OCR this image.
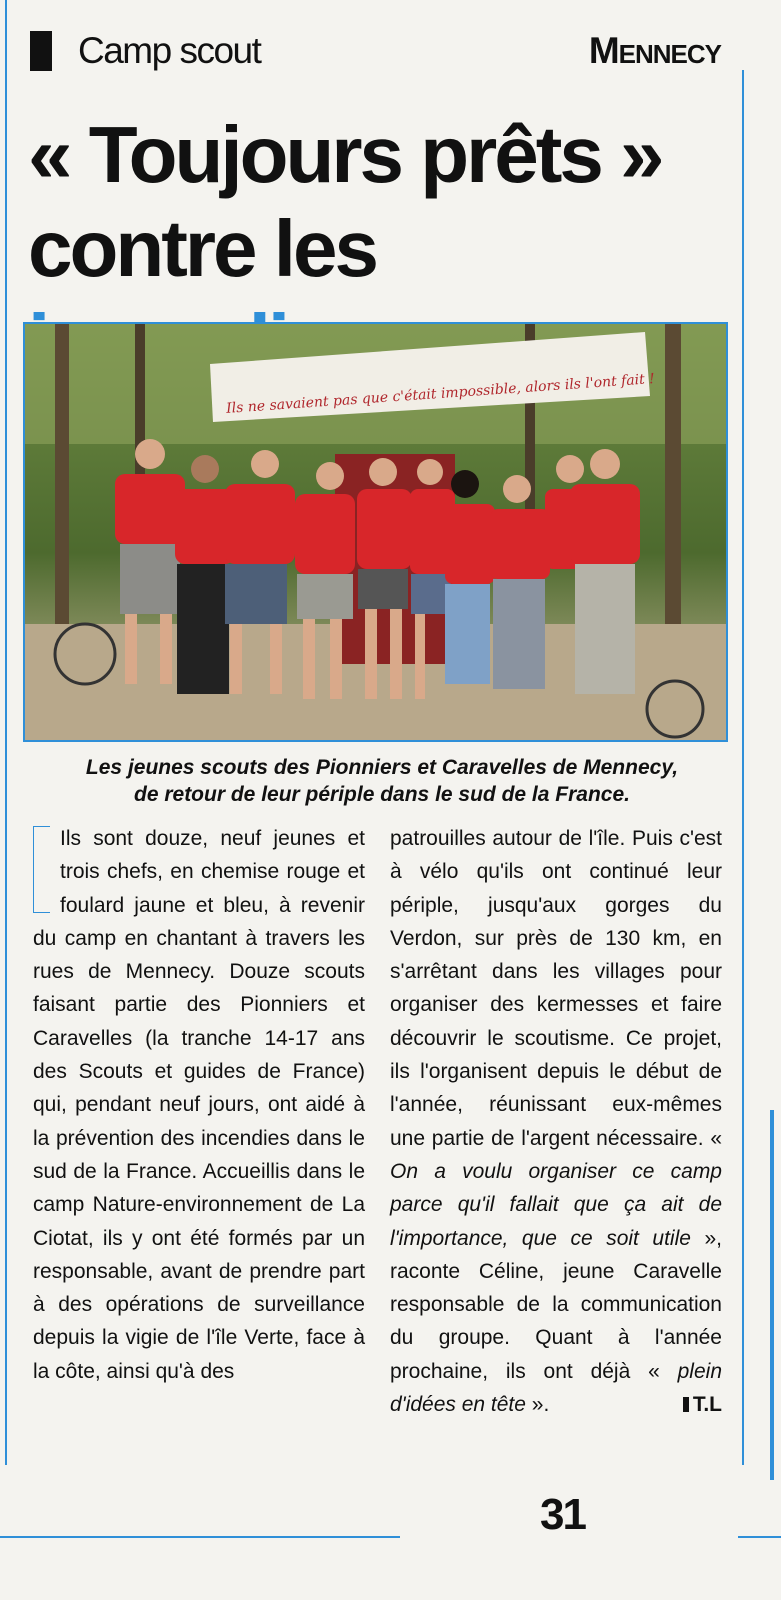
Camp scout	Mennecy
« Toujours prêts »
contre les
Ils ne savaient pas que c'était impossible, alors ils l'ont fait !
Les jeunes scouts des Pionniers et Caravelles de Mennecy,
de retour de leur périple dans le sud de la France.

Ils sont douze, neuf jeunes et trois chefs, en chemise rouge et foulard jaune et bleu, à revenir du camp en chantant à travers les rues de Mennecy. Douze scouts faisant partie des Pionniers et Caravelles (la tranche 14-17 ans des Scouts et guides de France) qui, pendant neuf jours, ont aidé à la prévention des incendies dans le sud de la France. Accueillis dans le camp Nature-environnement de La Ciotat, ils y ont été formés par un responsable, avant de prendre part à des opérations de surveillance depuis la vigie de l'île Verte, face à la côte, ainsi qu'à des

patrouilles autour de l'île. Puis c'est à vélo qu'ils ont continué leur périple, jusqu'aux gorges du Verdon, sur près de 130 km, en s'arrêtant dans les villages pour organiser des kermesses et faire découvrir le scoutisme. Ce projet, ils l'organisent depuis le début de l'année, réunissant eux-mêmes une partie de l'argent nécessaire. « On a voulu organiser ce camp parce qu'il fallait que ça ait de l'importance, que ce soit utile », raconte Céline, jeune Caravelle responsable de la communication du groupe. Quant à l'année prochaine, ils ont déjà « plein d'idées en tête ».	T.L

31
